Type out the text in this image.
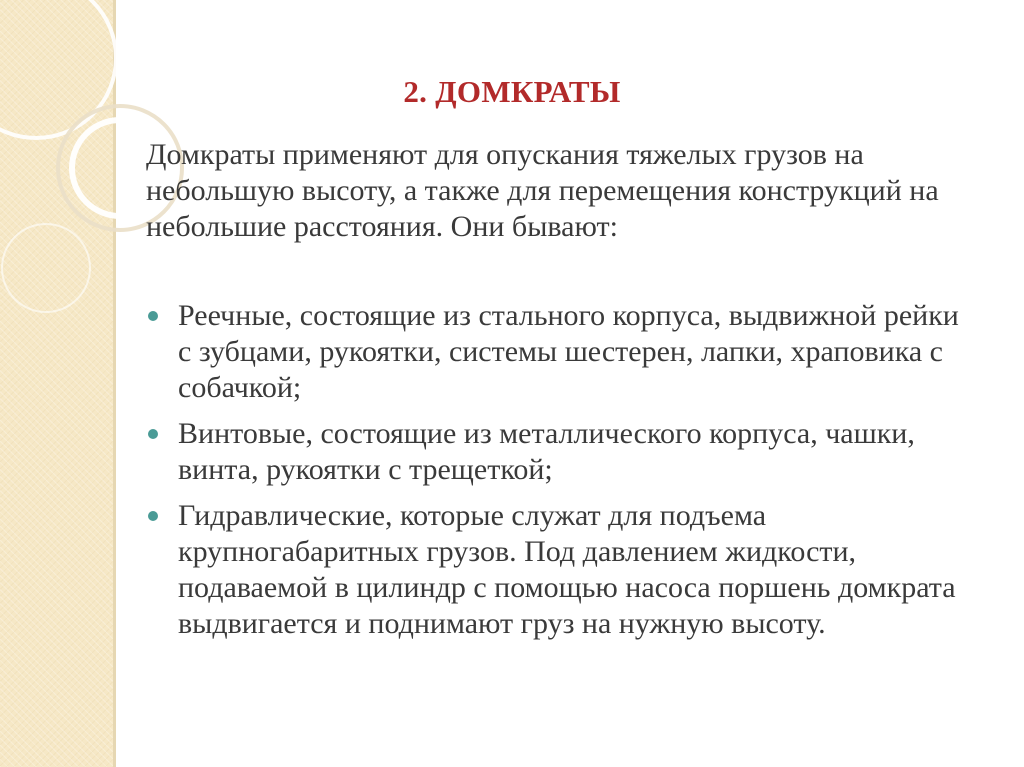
2. ДОМКРАТЫ

Домкраты применяют для опускания тяжелых грузов на небольшую высоту, а также для перемещения конструкций на небольшие расстояния. Они бывают:

Реечные, состоящие из стального корпуса, выдвижной рейки с зубцами, рукоятки, системы шестерен, лапки, храповика с собачкой;
Винтовые, состоящие из металлического корпуса, чашки, винта, рукоятки с трещеткой;
Гидравлические, которые служат для подъема крупногабаритных грузов. Под давлением жидкости, подаваемой в цилиндр с помощью насоса поршень домкрата выдвигается и поднимают груз на нужную высоту.
